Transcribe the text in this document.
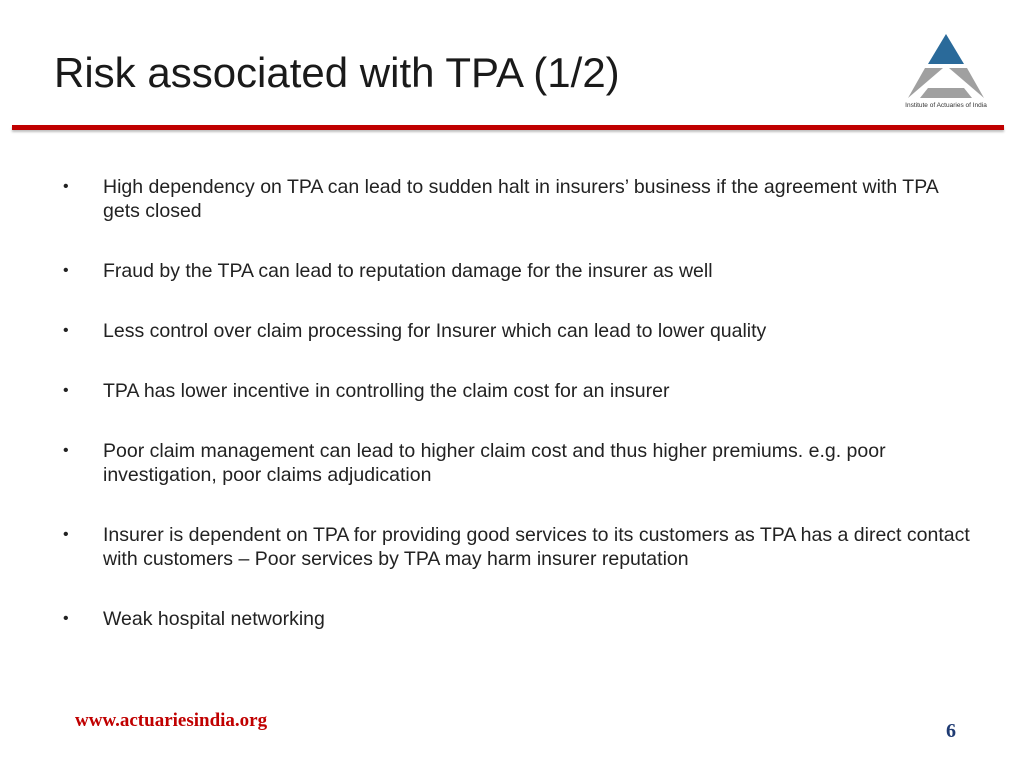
Risk associated with TPA (1/2)
Institute of Actuaries of India
• High dependency on TPA can lead to sudden halt in insurers’ business if the agreement with TPA gets closed
• Fraud by the TPA can lead to reputation damage for the insurer as well
• Less control over claim processing for Insurer which can lead to lower quality
• TPA has lower incentive in controlling the claim cost for an insurer
• Poor claim management can lead to higher claim cost and thus higher premiums. e.g. poor investigation, poor claims adjudication
• Insurer is dependent on TPA for providing good services to its customers as TPA has a direct contact with customers – Poor services by TPA may harm insurer reputation
• Weak hospital networking
www.actuariesindia.org	6
